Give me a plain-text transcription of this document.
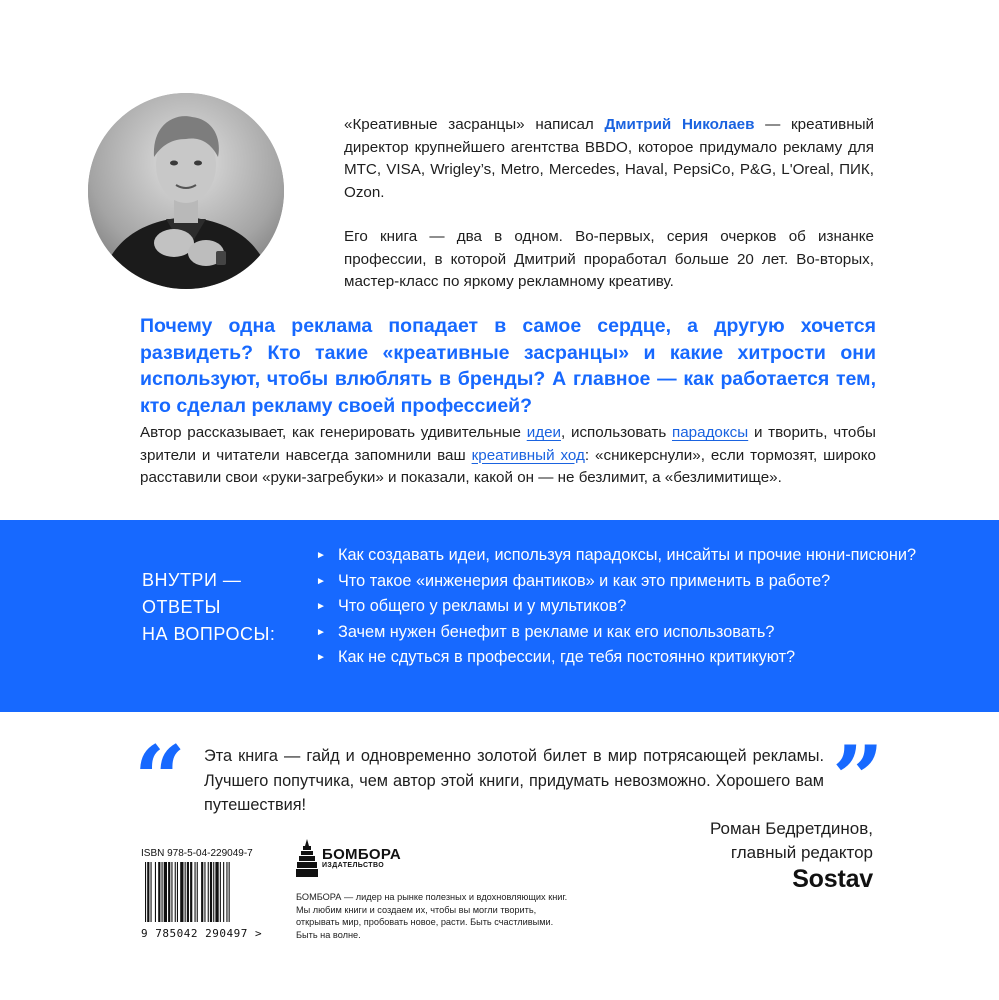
«Креативные засранцы» написал Дмитрий Николаев — креативный директор крупнейшего агентства BBDO, которое придумало рекламу для МТС, VISA, Wrigley’s, Metro, Mercedes, Haval, PepsiCo, P&G, L'Oreal, ПИК, Ozon.
Его книга — два в одном. Во-первых, серия очерков об изнанке профессии, в которой Дмитрий проработал больше 20 лет. Во-вторых, мастер-класс по яркому рекламному креативу.
Почему одна реклама попадает в самое сердце, а другую хочется развидеть? Кто такие «креативные засранцы» и какие хитрости они используют, чтобы влюблять в бренды? А главное — как работается тем, кто сделал рекламу своей профессией?
Автор рассказывает, как генерировать удивительные идеи, использовать парадоксы и творить, чтобы зрители и читатели навсегда запомнили ваш креативный ход: «сникерснули», если тормозят, широко расставили свои «руки-загребуки» и показали, какой он — не безлимит, а «безлимитище».
ВНУТРИ —
ОТВЕТЫ
НА ВОПРОСЫ:
► Как создавать идеи, используя парадоксы, инсайты и прочие нюни-писюни?
► Что такое «инженерия фантиков» и как это применить в работе?
► Что общего у рекламы и у мультиков?
► Зачем нужен бенефит в рекламе и как его использовать?
► Как не сдуться в профессии, где тебя постоянно критикуют?
“	”
Эта книга — гайд и одновременно золотой билет в мир потрясающей рекламы. Лучшего попутчика, чем автор этой книги, придумать невозможно. Хорошего вам путешествия!
Роман Бедретдинов,
главный редактор
Sostav
ISBN 978-5-04-229049-7
9 785042 290497 >
БОМБОРА
ИЗДАТЕЛЬСТВО
БОМБОРА — лидер на рынке полезных и вдохновляющих книг. Мы любим книги и создаем их, чтобы вы могли творить, открывать мир, пробовать новое, расти. Быть счастливыми. Быть на волне.
